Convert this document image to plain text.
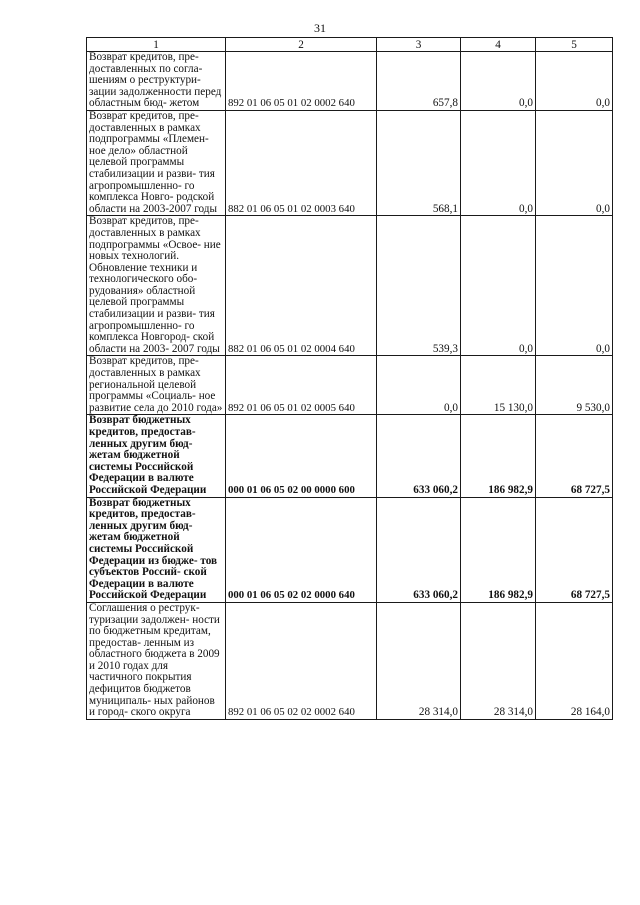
31
1	2	3	4	5
Возврат кредитов, пре- доставленных по согла- шениям о реструктури- зации задолженности перед областным бюд- жетом	892 01 06 05 01 02 0002 640	657,8	0,0	0,0
Возврат кредитов, пре- доставленных в рамках подпрограммы «Племен- ное дело» областной целевой программы стабилизации и разви- тия агропромышленно- го комплекса Новго- родской области на 2003-2007 годы	882 01 06 05 01 02 0003 640	568,1	0,0	0,0
Возврат кредитов, пре- доставленных в рамках подпрограммы «Освое- ние новых технологий. Обновление техники и технологического обо- рудования» областной целевой программы стабилизации и разви- тия агропромышленно- го комплекса Новгород- ской области на 2003- 2007 годы	882 01 06 05 01 02 0004 640	539,3	0,0	0,0
Возврат кредитов, пре- доставленных в рамках региональной целевой программы «Социаль- ное развитие села до 2010 года»	892 01 06 05 01 02 0005 640	0,0	15 130,0	9 530,0
Возврат бюджетных кредитов, предостав- ленных другим бюд- жетам бюджетной системы Российской Федерации в валюте Российской Федерации	000 01 06 05 02 00 0000 600	633 060,2	186 982,9	68 727,5
Возврат бюджетных кредитов, предостав- ленных другим бюд- жетам бюджетной системы Российской Федерации из бюдже- тов субъектов Россий- ской Федерации в валюте Российской Федерации	000 01 06 05 02 02 0000 640	633 060,2	186 982,9	68 727,5
Соглашения о реструк- туризации задолжен- ности по бюджетным кредитам, предостав- ленным из областного бюджета в 2009 и 2010 годах для частичного покрытия дефицитов бюджетов муниципаль- ных районов и город- ского округа	892 01 06 05 02 02 0002 640	28 314,0	28 314,0	28 164,0
